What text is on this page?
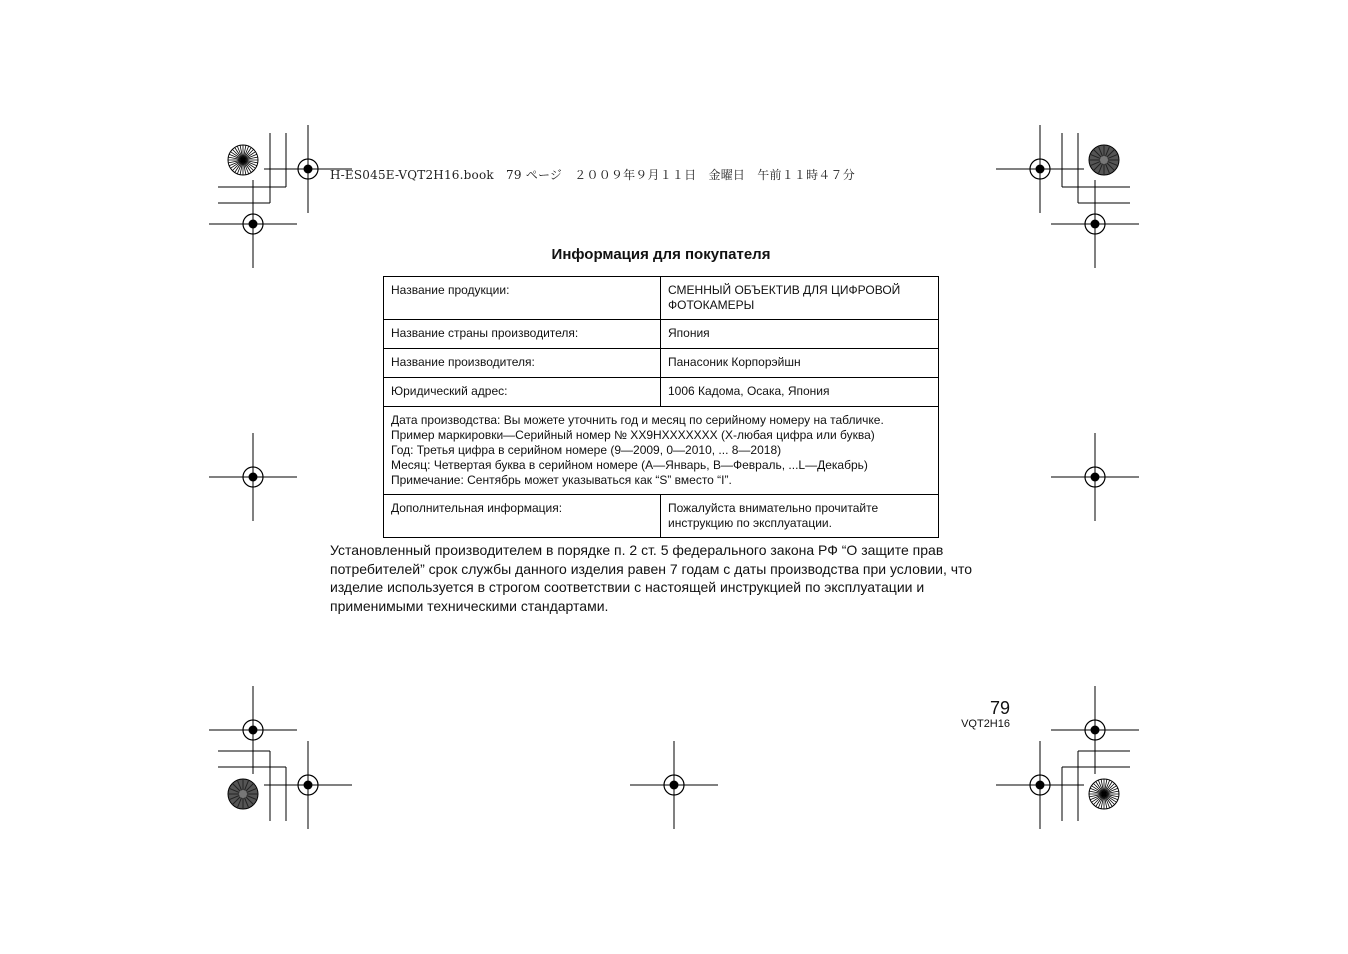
H-ES045E-VQT2H16.book　79 ページ　２００９年９月１１日　金曜日　午前１１時４７分
Информация для покупателя
Название продукции:	СМЕННЫЙ ОБЪЕКТИВ ДЛЯ ЦИФРОВОЙ ФОТОКАМЕРЫ
Название страны производителя:	Япония
Название производителя:	Панасоник Корпорэйшн
Юридический адрес:	1006 Кадома, Осака, Япония

Дата производства: Вы можете уточнить год и месяц по серийному номеру на табличке.
Пример маркировки—Серийный номер № XX9HXXXXXXX (X-любая цифра или буква)
Год: Третья цифра в серийном номере (9—2009, 0—2010, ... 8—2018)
Месяц: Четвертая буква в серийном номере (A—Январь, B—Февраль, ...L—Декабрь)
Примечание: Сентябрь может указываться как “S” вместо “I”.	

Дополнительная информация:	Пожалуйста внимательно прочитайте инструкцию по эксплуатации.
Установленный производителем в порядке п. 2 ст. 5 федерального закона РФ “О защите прав потребителей” срок службы данного изделия равен 7 годам с даты производства при условии, что изделие используется в строгом соответствии с настоящей инструкцией по эксплуатации и применимыми техническими стандартами.
79
VQT2H16
